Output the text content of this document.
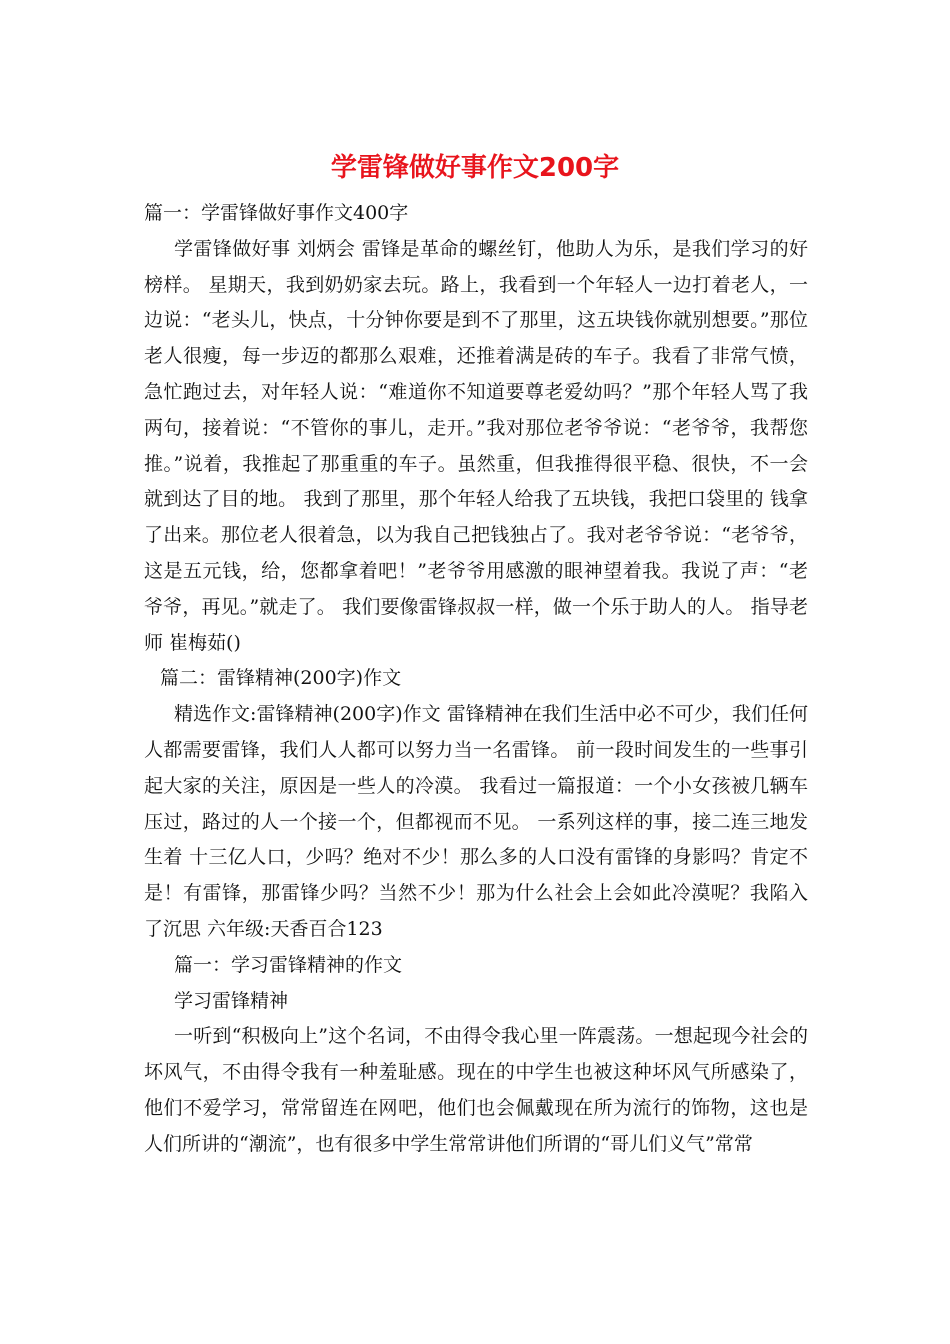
学雷锋做好事作文200字

篇一：学雷锋做好事作文400字

学雷锋做好事 刘炳会 雷锋是革命的螺丝钉，他助人为乐，是我们学习的好榜样。 星期天，我到奶奶家去玩。路上，我看到一个年轻人一边打着老人，一边说：“老头儿，快点，十分钟你要是到不了那里，这五块钱你就别想要。”那位老人很瘦，每一步迈的都那么艰难，还推着满是砖的车子。我看了非常气愤，急忙跑过去，对年轻人说：“难道你不知道要尊老爱幼吗？”那个年轻人骂了我两句，接着说：“不管你的事儿，走开。”我对那位老爷爷说：“老爷爷，我帮您推。”说着，我推起了那重重的车子。虽然重，但我推得很平稳、很快，不一会就到达了目的地。 我到了那里，那个年轻人给我了五块钱，我把口袋里的 钱拿了出来。那位老人很着急，以为我自己把钱独占了。我对老爷爷说：“老爷爷，这是五元钱，给，您都拿着吧！”老爷爷用感激的眼神望着我。我说了声：“老爷爷，再见。”就走了。 我们要像雷锋叔叔一样，做一个乐于助人的人。 指导老师 崔梅茹()

篇二：雷锋精神(200字)作文

精选作文:雷锋精神(200字)作文 雷锋精神在我们生活中必不可少，我们任何人都需要雷锋，我们人人都可以努力当一名雷锋。 前一段时间发生的一些事引起大家的关注，原因是一些人的冷漠。 我看过一篇报道：一个小女孩被几辆车压过，路过的人一个接一个，但都视而不见。 一系列这样的事，接二连三地发生着 十三亿人口，少吗？绝对不少！那么多的人口没有雷锋的身影吗？肯定不是！有雷锋，那雷锋少吗？当然不少！那为什么社会上会如此冷漠呢？我陷入了沉思 六年级:天香百合123

篇一：学习雷锋精神的作文

学习雷锋精神

一听到“积极向上”这个名词，不由得令我心里一阵震荡。一想起现今社会的坏风气，不由得令我有一种羞耻感。现在的中学生也被这种坏风气所感染了，他们不爱学习，常常留连在网吧，他们也会佩戴现在所为流行的饰物，这也是人们所讲的“潮流”，也有很多中学生常常讲他们所谓的“哥儿们义气”常常
